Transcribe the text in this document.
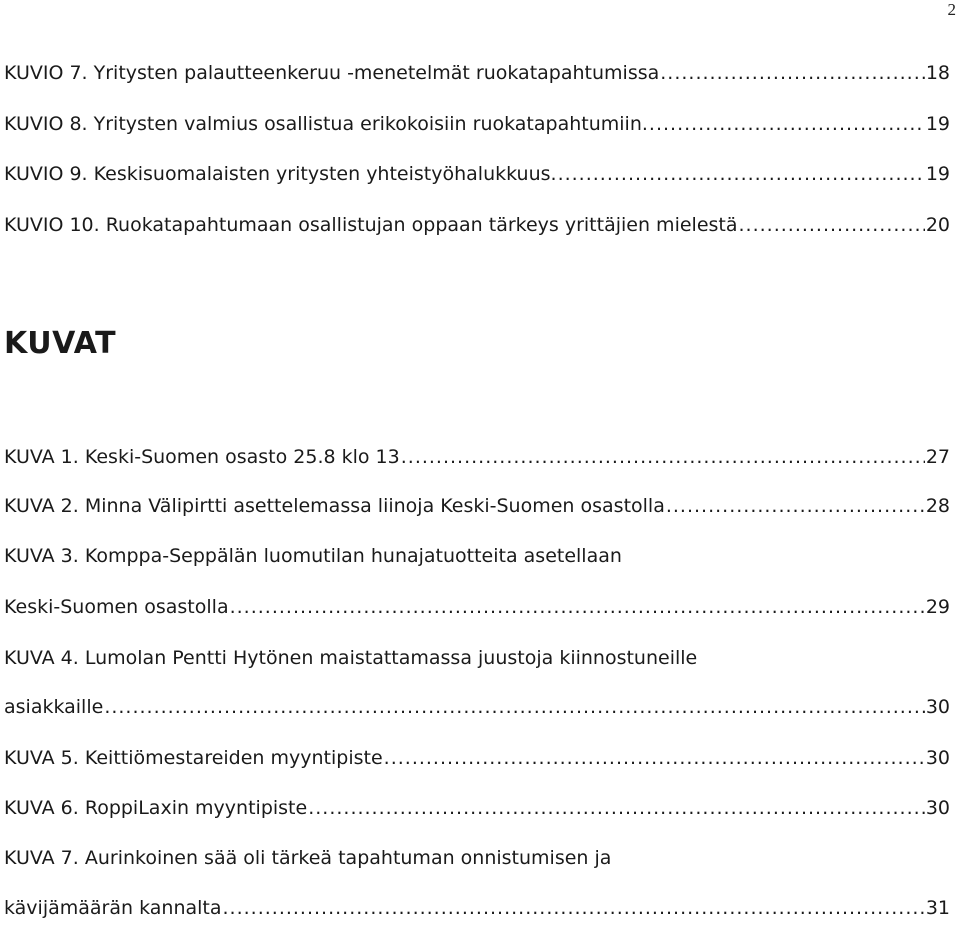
2
KUVIO 7. Yritysten palautteenkeruu -menetelmät ruokatapahtumissa .....	18
KUVIO 8. Yritysten valmius osallistua erikokoisiin ruokatapahtumiin. .....	19
KUVIO 9. Keskisuomalaisten yritysten yhteistyöhalukkuus. .....	19
KUVIO 10. Ruokatapahtumaan osallistujan oppaan tärkeys yrittäjien mielestä .....	20
KUVAT
KUVA 1. Keski-Suomen osasto 25.8 klo 13 .....	27
KUVA 2. Minna Välipirtti asettelemassa liinoja Keski-Suomen osastolla .....	28
KUVA 3. Komppa-Seppälän luomutilan hunajatuotteita asetellaan
Keski-Suomen osastolla .....	29
KUVA 4. Lumolan Pentti Hytönen maistattamassa juustoja kiinnostuneille
asiakkaille .....	30
KUVA 5. Keittiömestareiden myyntipiste .....	30
KUVA 6. RoppiLaxin myyntipiste .....	30
KUVA 7. Aurinkoinen sää oli tärkeä tapahtuman onnistumisen ja
kävijämäärän kannalta .....	31
